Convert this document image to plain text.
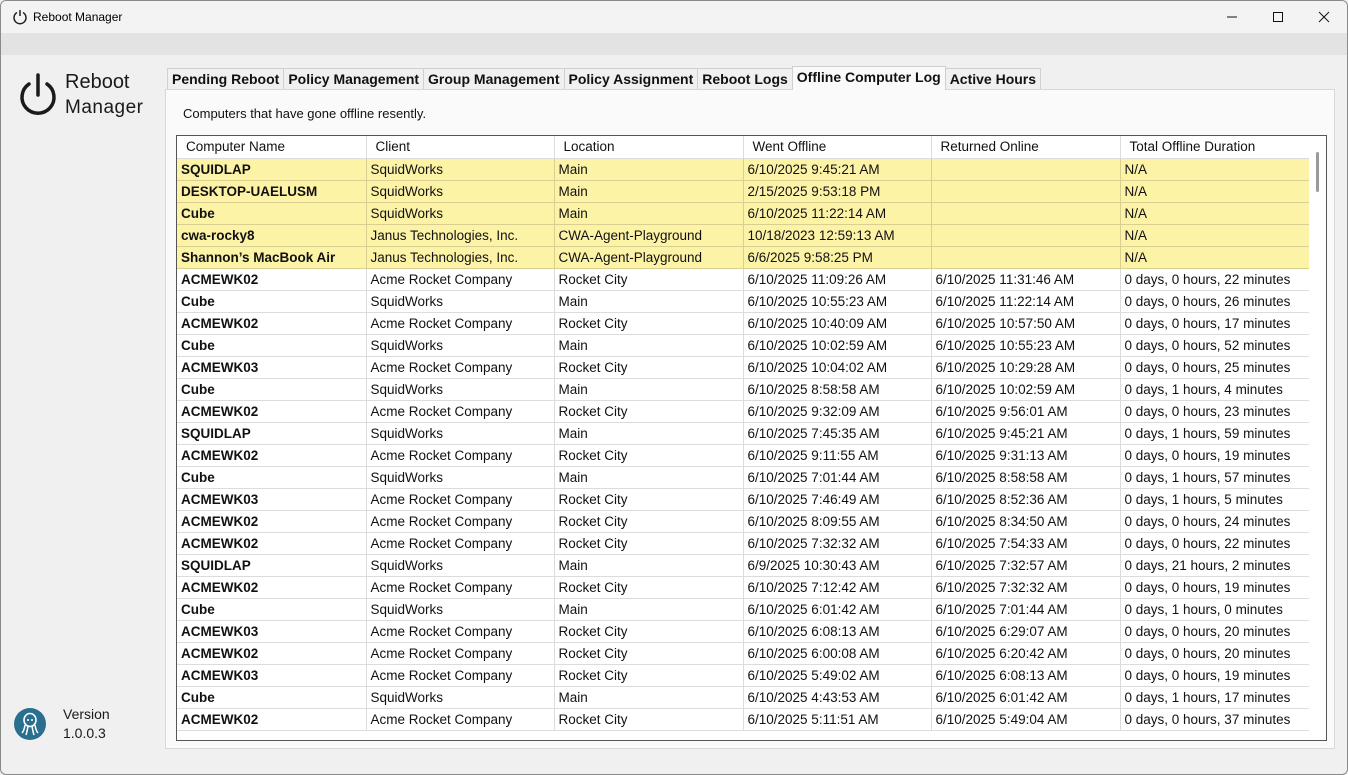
Reboot Manager
Reboot
Manager
Version
1.0.0.3
Pending Reboot Policy Management Group Management Policy Assignment Reboot Logs Offline Computer Log Active Hours
Computers that have gone offline resently.
Computer Name	Client	Location	Went Offline	Returned Online	Total Offline Duration
SQUIDLAP	SquidWorks	Main	6/10/2025 9:45:21 AM		N/A
DESKTOP-UAELUSM	SquidWorks	Main	2/15/2025 9:53:18 PM		N/A
Cube	SquidWorks	Main	6/10/2025 11:22:14 AM		N/A
cwa-rocky8	Janus Technologies, Inc.	CWA-Agent-Playground	10/18/2023 12:59:13 AM		N/A
Shannon’s MacBook Air	Janus Technologies, Inc.	CWA-Agent-Playground	6/6/2025 9:58:25 PM		N/A
ACMEWK02	Acme Rocket Company	Rocket City	6/10/2025 11:09:26 AM	6/10/2025 11:31:46 AM	0 days, 0 hours, 22 minutes
Cube	SquidWorks	Main	6/10/2025 10:55:23 AM	6/10/2025 11:22:14 AM	0 days, 0 hours, 26 minutes
ACMEWK02	Acme Rocket Company	Rocket City	6/10/2025 10:40:09 AM	6/10/2025 10:57:50 AM	0 days, 0 hours, 17 minutes
Cube	SquidWorks	Main	6/10/2025 10:02:59 AM	6/10/2025 10:55:23 AM	0 days, 0 hours, 52 minutes
ACMEWK03	Acme Rocket Company	Rocket City	6/10/2025 10:04:02 AM	6/10/2025 10:29:28 AM	0 days, 0 hours, 25 minutes
Cube	SquidWorks	Main	6/10/2025 8:58:58 AM	6/10/2025 10:02:59 AM	0 days, 1 hours, 4 minutes
ACMEWK02	Acme Rocket Company	Rocket City	6/10/2025 9:32:09 AM	6/10/2025 9:56:01 AM	0 days, 0 hours, 23 minutes
SQUIDLAP	SquidWorks	Main	6/10/2025 7:45:35 AM	6/10/2025 9:45:21 AM	0 days, 1 hours, 59 minutes
ACMEWK02	Acme Rocket Company	Rocket City	6/10/2025 9:11:55 AM	6/10/2025 9:31:13 AM	0 days, 0 hours, 19 minutes
Cube	SquidWorks	Main	6/10/2025 7:01:44 AM	6/10/2025 8:58:58 AM	0 days, 1 hours, 57 minutes
ACMEWK03	Acme Rocket Company	Rocket City	6/10/2025 7:46:49 AM	6/10/2025 8:52:36 AM	0 days, 1 hours, 5 minutes
ACMEWK02	Acme Rocket Company	Rocket City	6/10/2025 8:09:55 AM	6/10/2025 8:34:50 AM	0 days, 0 hours, 24 minutes
ACMEWK02	Acme Rocket Company	Rocket City	6/10/2025 7:32:32 AM	6/10/2025 7:54:33 AM	0 days, 0 hours, 22 minutes
SQUIDLAP	SquidWorks	Main	6/9/2025 10:30:43 AM	6/10/2025 7:32:57 AM	0 days, 21 hours, 2 minutes
ACMEWK02	Acme Rocket Company	Rocket City	6/10/2025 7:12:42 AM	6/10/2025 7:32:32 AM	0 days, 0 hours, 19 minutes
Cube	SquidWorks	Main	6/10/2025 6:01:42 AM	6/10/2025 7:01:44 AM	0 days, 1 hours, 0 minutes
ACMEWK03	Acme Rocket Company	Rocket City	6/10/2025 6:08:13 AM	6/10/2025 6:29:07 AM	0 days, 0 hours, 20 minutes
ACMEWK02	Acme Rocket Company	Rocket City	6/10/2025 6:00:08 AM	6/10/2025 6:20:42 AM	0 days, 0 hours, 20 minutes
ACMEWK03	Acme Rocket Company	Rocket City	6/10/2025 5:49:02 AM	6/10/2025 6:08:13 AM	0 days, 0 hours, 19 minutes
Cube	SquidWorks	Main	6/10/2025 4:43:53 AM	6/10/2025 6:01:42 AM	0 days, 1 hours, 17 minutes
ACMEWK02	Acme Rocket Company	Rocket City	6/10/2025 5:11:51 AM	6/10/2025 5:49:04 AM	0 days, 0 hours, 37 minutes
